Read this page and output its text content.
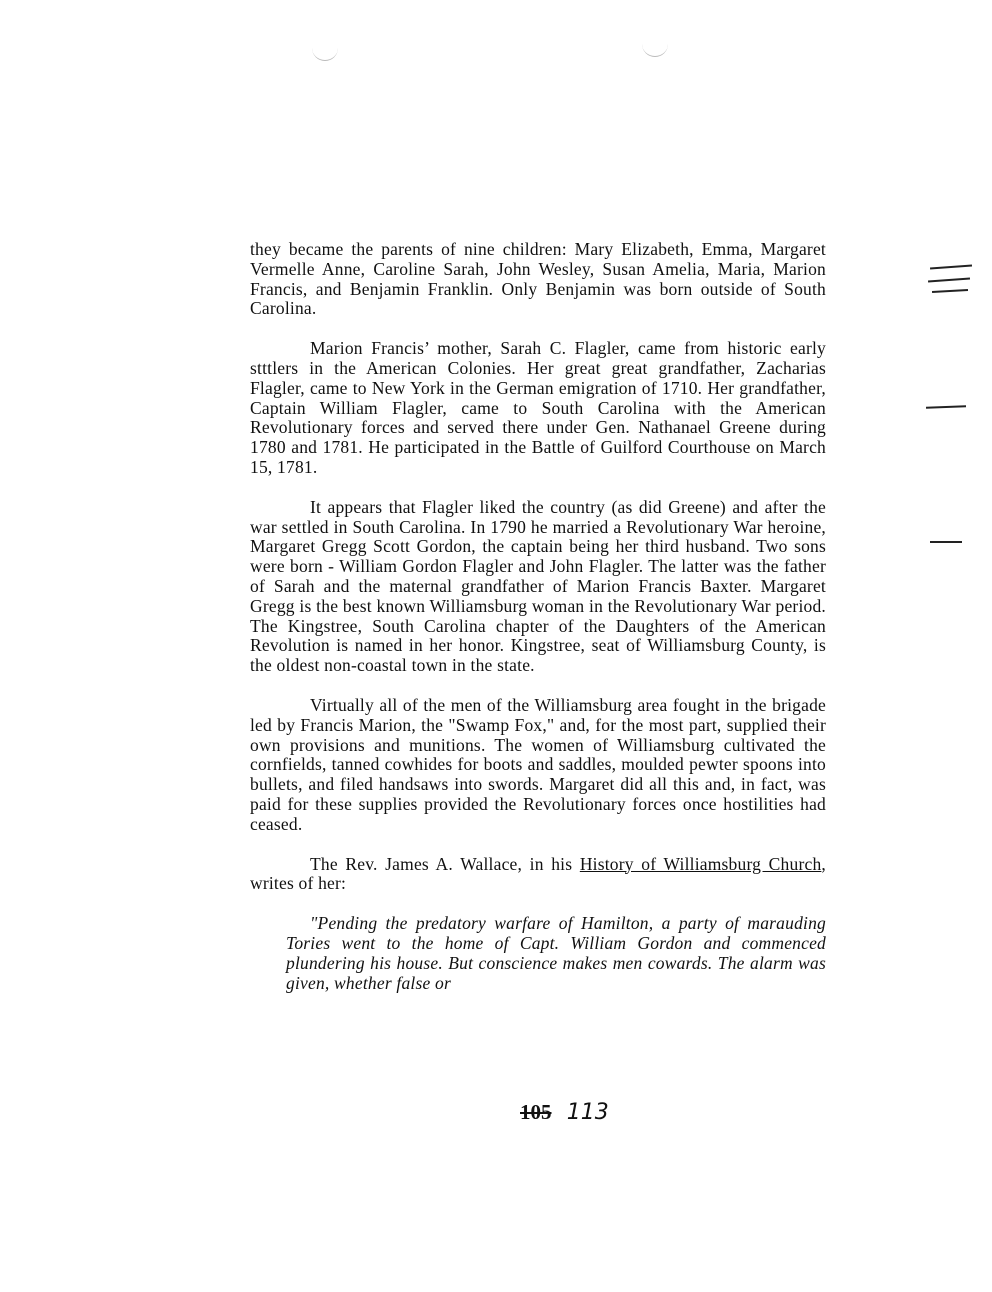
they became the parents of nine children: Mary Elizabeth, Emma, Margaret Vermelle Anne, Caroline Sarah, John Wesley, Susan Amelia, Maria, Marion Francis, and Benjamin Franklin. Only Benjamin was born outside of South Carolina.

Marion Francis’ mother, Sarah C. Flagler, came from historic early stttlers in the American Colonies. Her great great grandfather, Zacharias Flagler, came to New York in the German emigration of 1710. Her grandfather, Captain William Flagler, came to South Carolina with the American Revolutionary forces and served there under Gen. Nathanael Greene during 1780 and 1781. He participated in the Battle of Guilford Courthouse on March 15, 1781.

It appears that Flagler liked the country (as did Greene) and after the war settled in South Carolina. In 1790 he married a Revolutionary War heroine, Margaret Gregg Scott Gordon, the captain being her third husband. Two sons were born - William Gordon Flagler and John Flagler. The latter was the father of Sarah and the maternal grandfather of Marion Francis Baxter. Margaret Gregg is the best known Williamsburg woman in the Revolutionary War period. The Kingstree, South Carolina chapter of the Daughters of the American Revolution is named in her honor. Kingstree, seat of Williamsburg County, is the oldest non-coastal town in the state.

Virtually all of the men of the Williamsburg area fought in the brigade led by Francis Marion, the "Swamp Fox," and, for the most part, supplied their own provisions and munitions. The women of Williamsburg cultivated the cornfields, tanned cowhides for boots and saddles, moulded pewter spoons into bullets, and filed handsaws into swords. Margaret did all this and, in fact, was paid for these supplies provided the Revolutionary forces once hostilities had ceased.

The Rev. James A. Wallace, in his History of Williamsburg Church, writes of her:

"Pending the predatory warfare of Hamilton, a party of marauding Tories went to the home of Capt. William Gordon and commenced plundering his house. But conscience makes men cowards. The alarm was given, whether false or

105 113
